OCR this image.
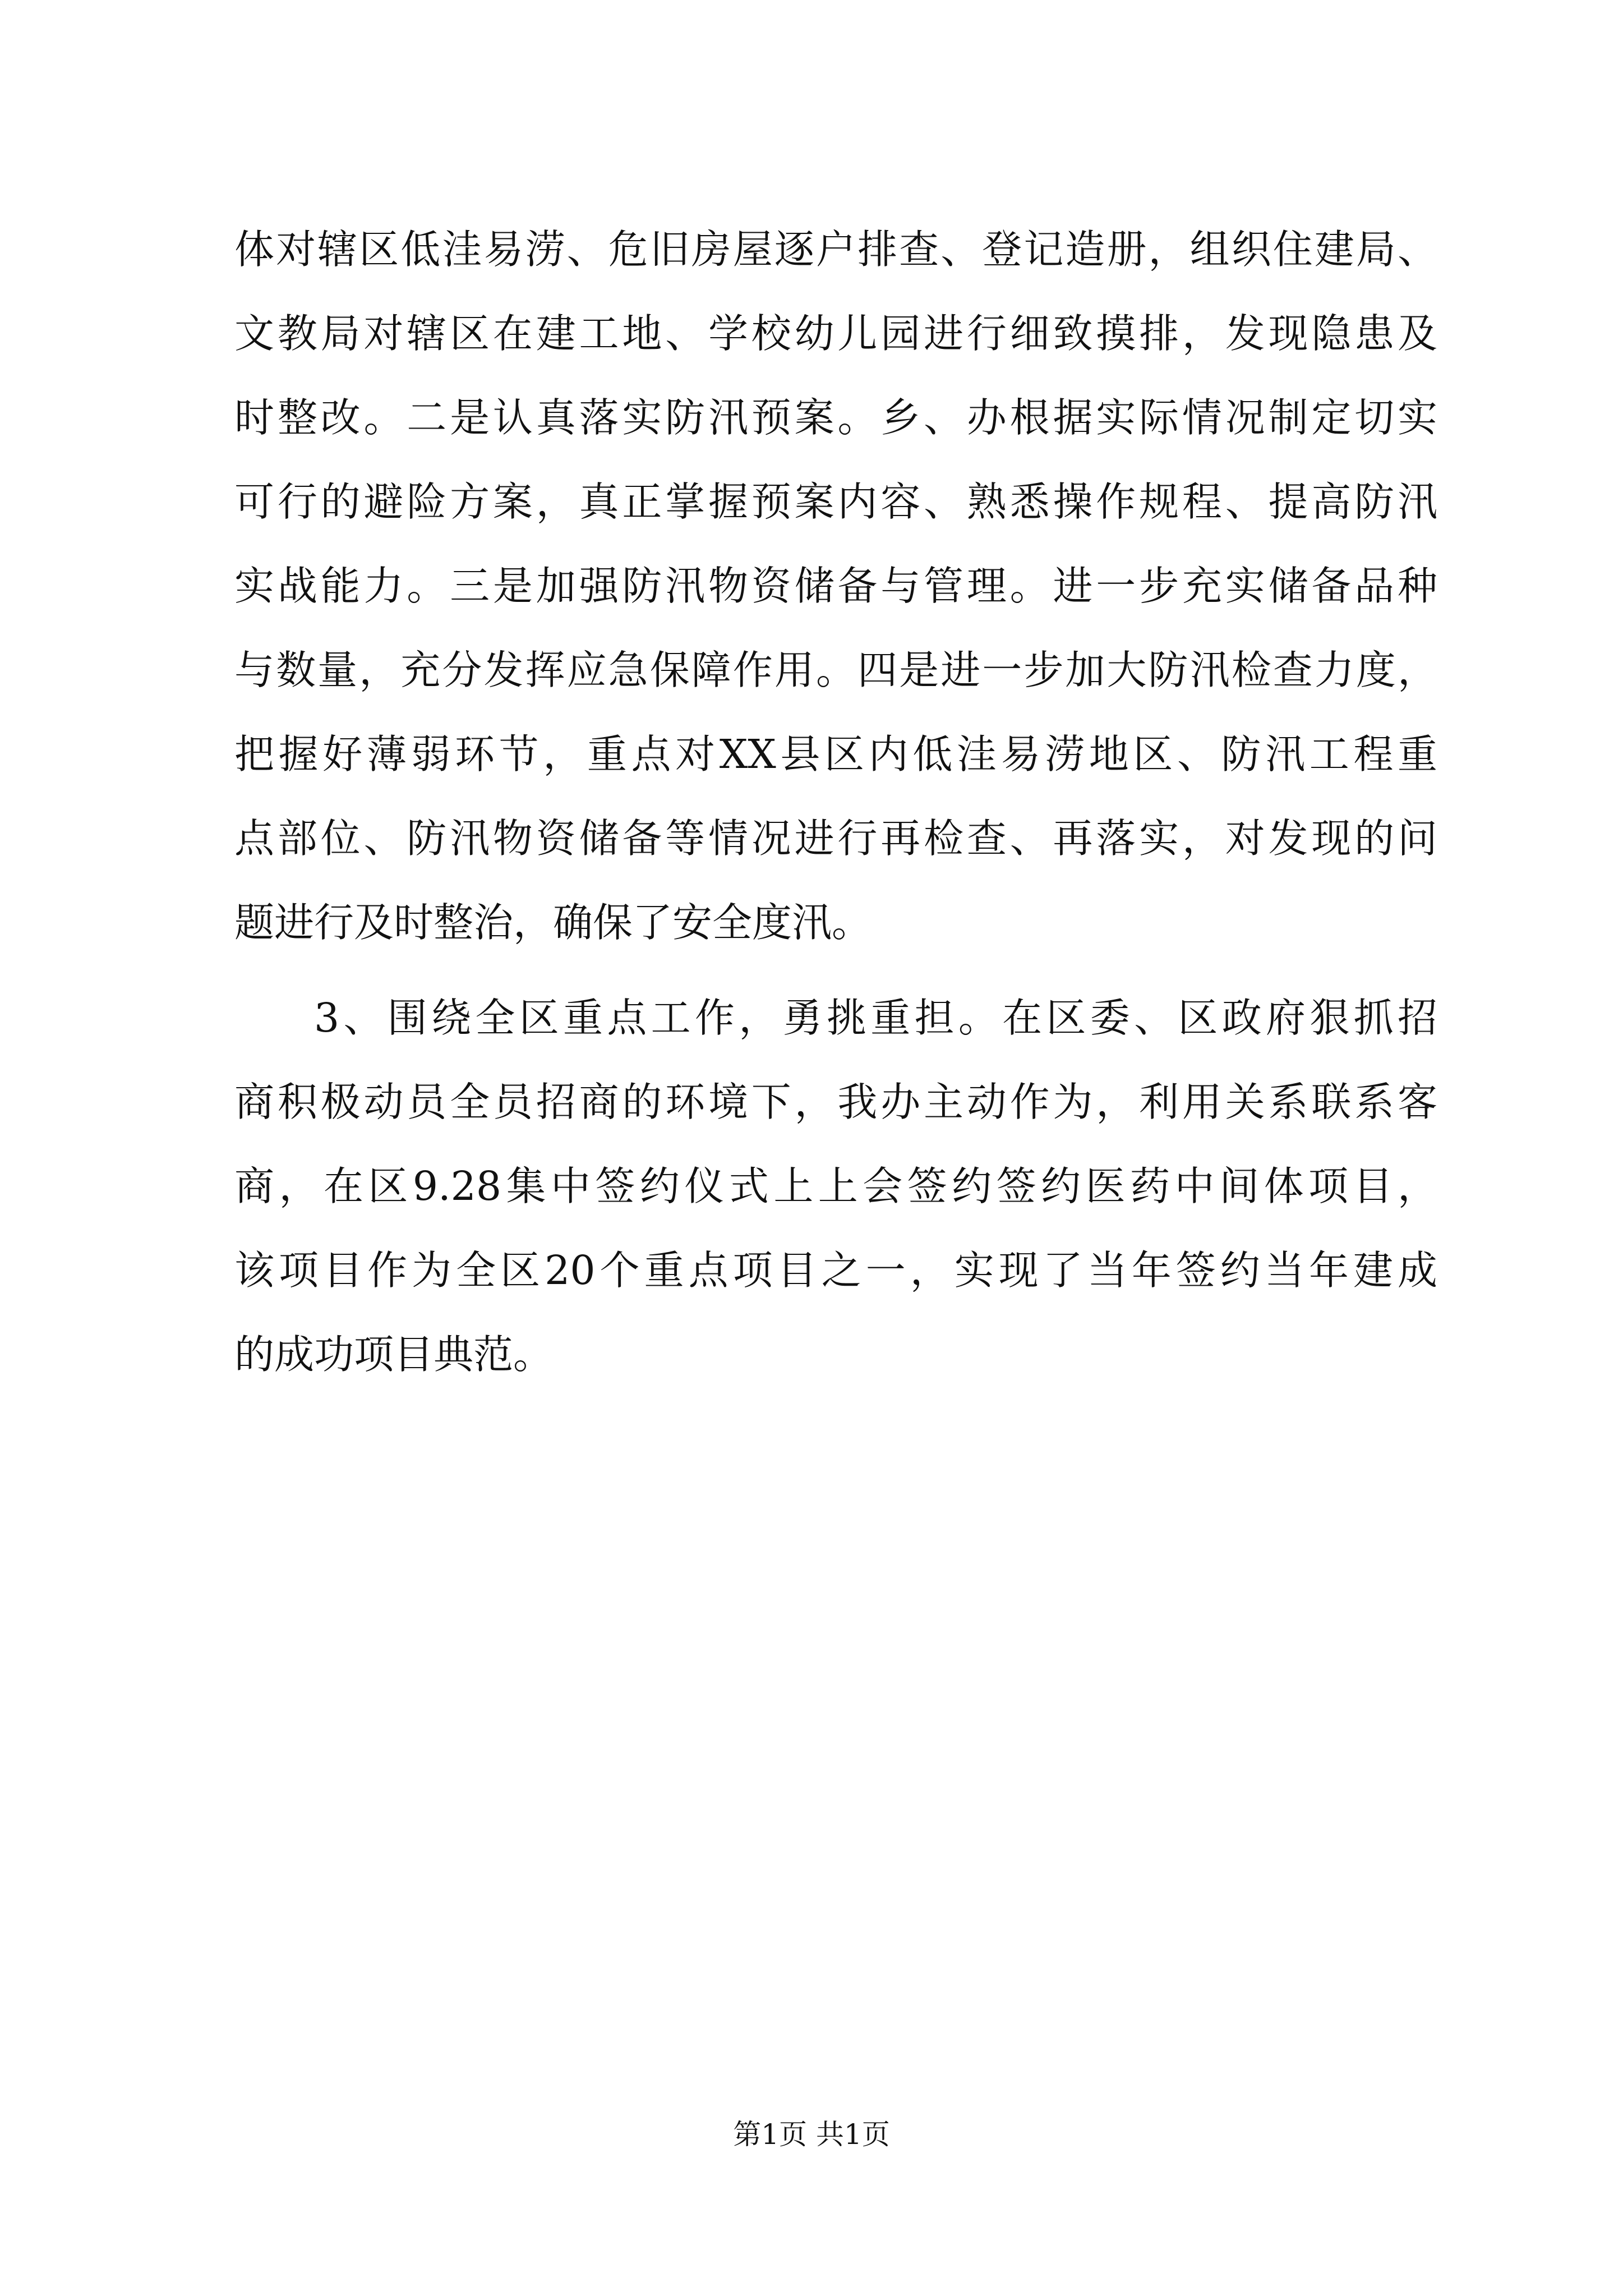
体对辖区低洼易涝、危旧房屋逐户排查、登记造册，组织住建局、
文教局对辖区在建工地、学校幼儿园进行细致摸排，发现隐患及
时整改。二是认真落实防汛预案。乡、办根据实际情况制定切实
可行的避险方案，真正掌握预案内容、熟悉操作规程、提高防汛
实战能力。三是加强防汛物资储备与管理。进一步充实储备品种
与数量，充分发挥应急保障作用。四是进一步加大防汛检查力度，
把握好薄弱环节，重点对XX县区内低洼易涝地区、防汛工程重
点部位、防汛物资储备等情况进行再检查、再落实，对发现的问
题进行及时整治，确保了安全度汛。
3、围绕全区重点工作，勇挑重担。在区委、区政府狠抓招
商积极动员全员招商的环境下，我办主动作为，利用关系联系客
商，在区9.28集中签约仪式上上会签约签约医药中间体项目，
该项目作为全区20个重点项目之一，实现了当年签约当年建成
的成功项目典范。
第1页 共1页
